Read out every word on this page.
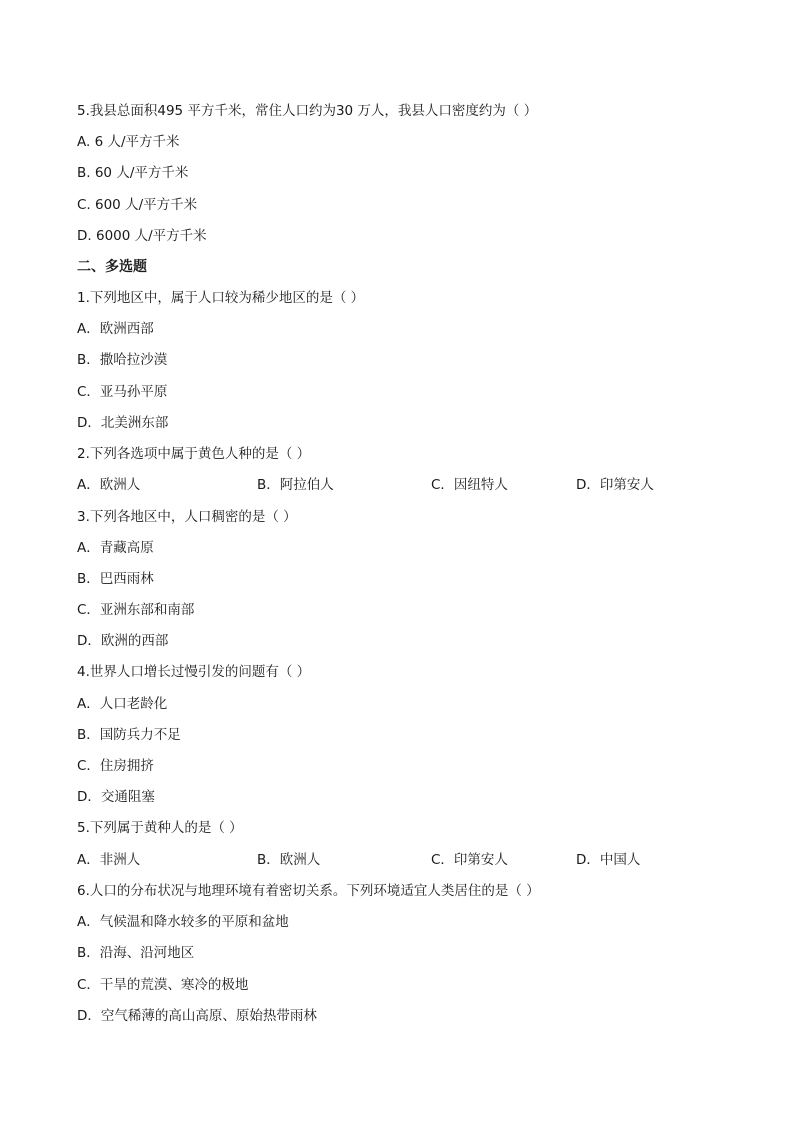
5.我县总面积495 平方千米，常住人口约为30 万人，我县人口密度约为（ ）
A. 6 人/平方千米
B. 60 人/平方千米
C. 600 人/平方千米
D. 6000 人/平方千米
二、多选题
1.下列地区中，属于人口较为稀少地区的是（ ）
A．欧洲西部
B．撒哈拉沙漠
C．亚马孙平原
D．北美洲东部
2.下列各选项中属于黄色人种的是（ ）
A．欧洲人	B．阿拉伯人	C．因纽特人	D．印第安人
3.下列各地区中，人口稠密的是（ ）
A．青藏高原
B．巴西雨林
C．亚洲东部和南部
D．欧洲的西部
4.世界人口增长过慢引发的问题有（ ）
A．人口老龄化
B．国防兵力不足
C．住房拥挤
D．交通阻塞
5.下列属于黄种人的是（ ）
A．非洲人	B．欧洲人	C．印第安人	D．中国人
6.人口的分布状况与地理环境有着密切关系。下列环境适宜人类居住的是（ ）
A．气候温和降水较多的平原和盆地
B．沿海、沿河地区
C．干旱的荒漠、寒冷的极地
D．空气稀薄的高山高原、原始热带雨林
